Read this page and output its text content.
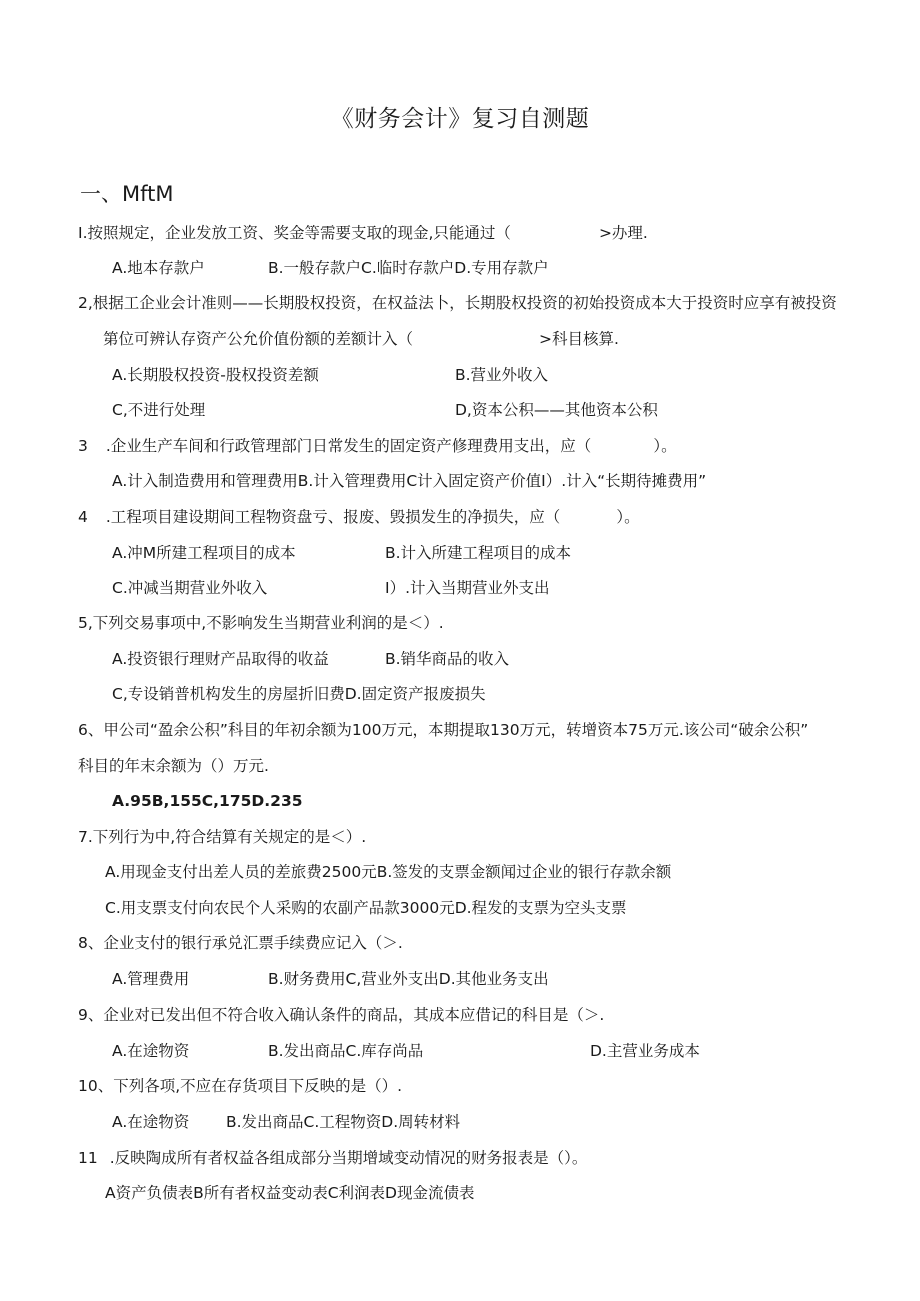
《财务会计》复习自测题
一、MftM
I.按照规定，企业发放工资、奖金等需要支取的现金,只能通过（	>办理.
A.地本存款户	B.一般存款户C.临时存款户D.专用存款户
2,根据工企业会计准则——长期股权投资，在权益法卜，长期股权投资的初始投资成本大于投资时应享有被投资
第位可辨认存资产公允价值份额的差额计入（	>科目核算.
A.长期股权投资-股权投资差额	B.营业外收入
C,不进行处理	D,资本公积——其他资本公积
3 .企业生产车间和行政管理部门日常发生的固定资产修理费用支出，应（	）。
A.计入制造费用和管理费用B.计入管理费用C计入固定资产价值I）.计入“长期待摊费用”
4 .工程项目建设期间工程物资盘亏、报废、毁损发生的净损失，应（	）。
A.冲M所建工程项目的成本	B.计入所建工程项目的成本
C.冲减当期营业外收入	I）.计入当期营业外支出
5,下列交易事项中,不影响发生当期营业利润的是＜）.
A.投资银行理财产品取得的收益	B.销华商品的收入
C,专设销普机构发生的房屋折旧费D.固定资产报废损失
6、甲公司“盈余公积”科目的年初余额为100万元，本期提取130万元，转增资本75万元.该公司“破余公积”
科目的年末余额为（）万元.
A.95B,155C,175D.235
7.下列行为中,符合结算有关规定的是＜）.
A.用现金支付出差人员的差旅费2500元B.签发的支票金额闻过企业的银行存款余额
C.用支票支付向农民个人采购的农副产品款3000元D.程发的支票为空头支票
8、企业支付的银行承兑汇票手续费应记入（＞.
A.管理费用	B.财务费用C,营业外支出D.其他业务支出
9、企业对已发出但不符合收入确认条件的商品，其成本应借记的科目是（＞.
A.在途物资	B.发出商品C.库存尚品	D.主营业务成本
10、下列各项,不应在存货项目下反映的是（）.
A.在途物资 B.发出商品C.工程物资D.周转材料
11 .反映陶成所有者权益各组成部分当期增域变动情况的财务报表是（）。
A资产负债表B所有者权益变动表C利润表D现金流债表
